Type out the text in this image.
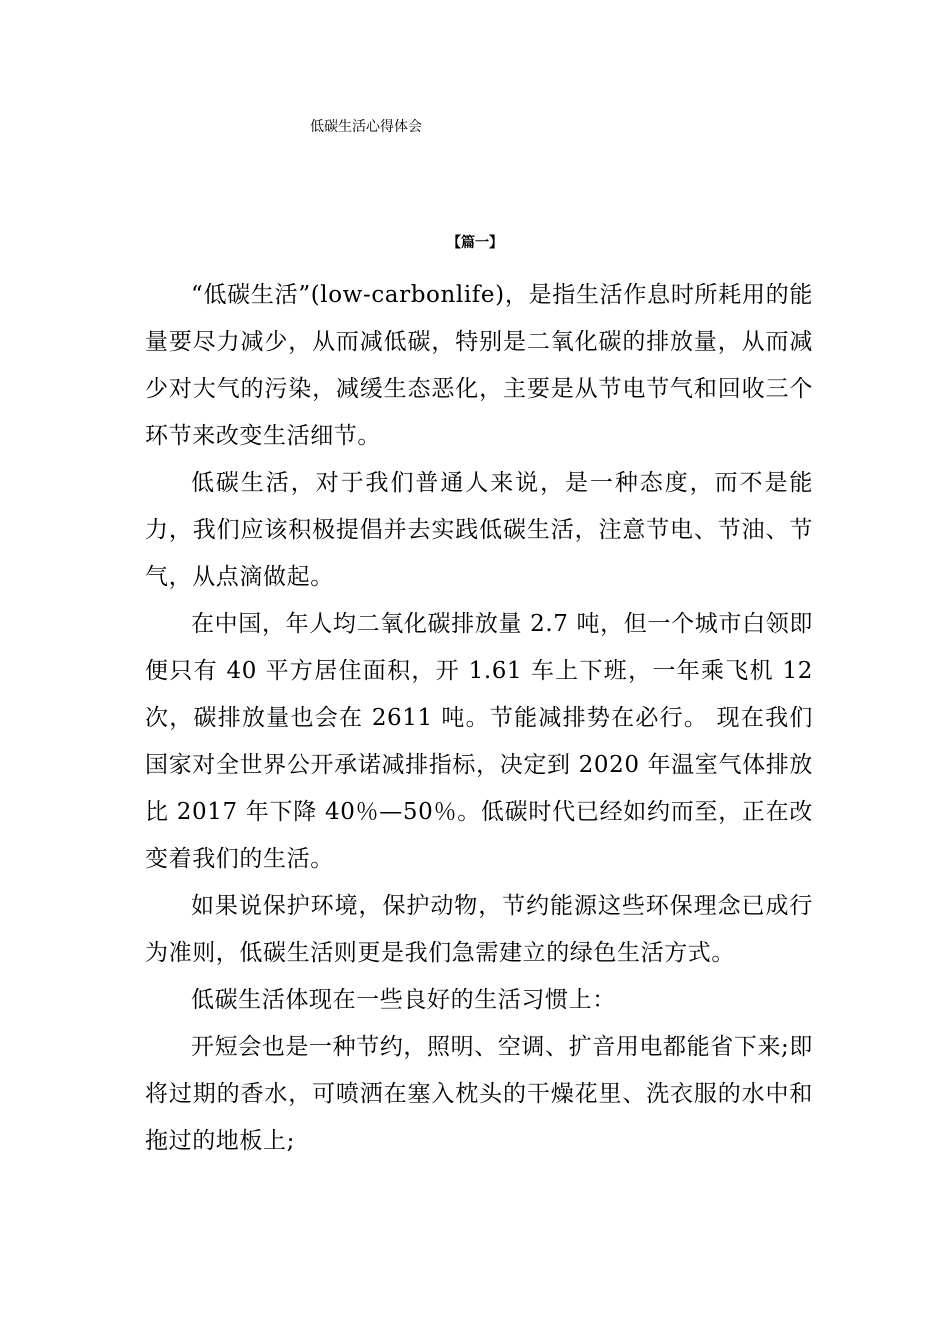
低碳生活心得体会
【篇一】

“低碳生活”(low-carbonlife)，是指生活作息时所耗用的能量要尽力减少，从而减低碳，特别是二氧化碳的排放量，从而减少对大气的污染，减缓生态恶化，主要是从节电节气和回收三个环节来改变生活细节。

低碳生活，对于我们普通人来说，是一种态度，而不是能力，我们应该积极提倡并去实践低碳生活，注意节电、节油、节气，从点滴做起。

在中国，年人均二氧化碳排放量 2.7 吨，但一个城市白领即便只有 40 平方居住面积，开 1.61 车上下班，一年乘飞机 12 次，碳排放量也会在 2611 吨。节能减排势在必行。 现在我们国家对全世界公开承诺减排指标，决定到 2020 年温室气体排放比 2017 年下降 40％—50％。低碳时代已经如约而至，正在改变着我们的生活。

如果说保护环境，保护动物，节约能源这些环保理念已成行为准则，低碳生活则更是我们急需建立的绿色生活方式。

低碳生活体现在一些良好的生活习惯上：

开短会也是一种节约，照明、空调、扩音用电都能省下来;即将过期的香水，可喷洒在塞入枕头的干燥花里、洗衣服的水中和拖过的地板上;
